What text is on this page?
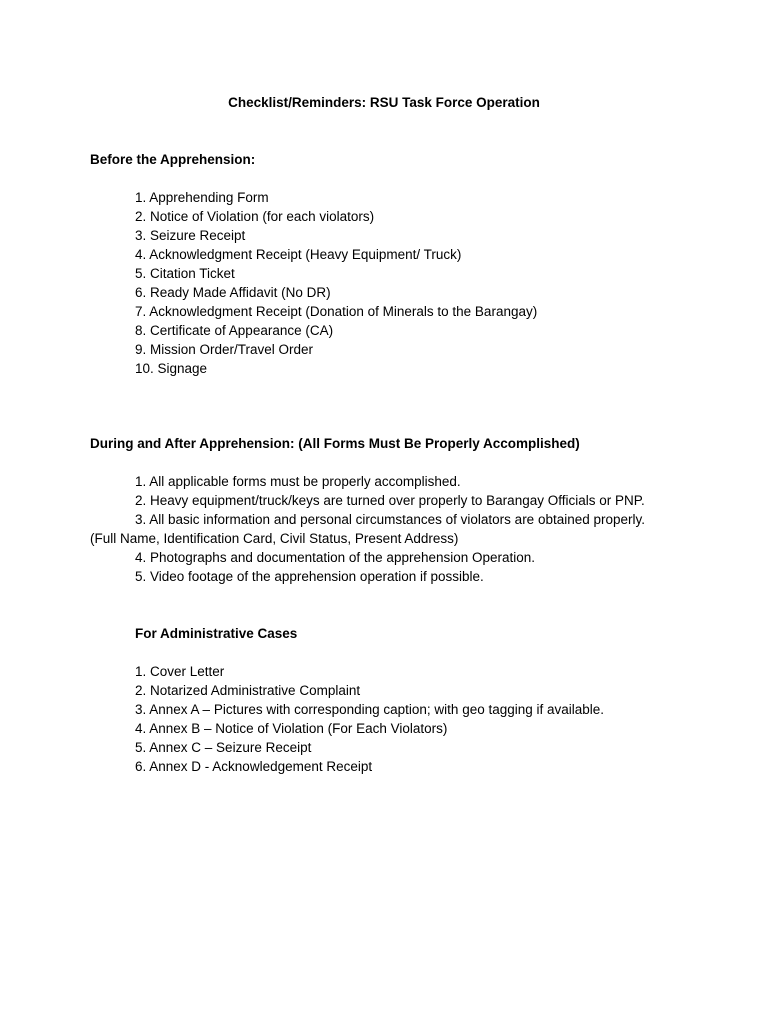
Checklist/Reminders: RSU Task Force Operation
Before the Apprehension:
1. Apprehending Form
2. Notice of Violation (for each violators)
3. Seizure Receipt
4. Acknowledgment Receipt (Heavy Equipment/ Truck)
5. Citation Ticket
6. Ready Made Affidavit (No DR)
7. Acknowledgment Receipt (Donation of Minerals to the Barangay)
8. Certificate of Appearance (CA)
9. Mission Order/Travel Order
10. Signage
During and After Apprehension: (All Forms Must Be Properly Accomplished)
1. All applicable forms must be properly accomplished.
2. Heavy equipment/truck/keys are turned over properly to Barangay Officials or PNP.
3. All basic information and personal circumstances of violators are obtained properly.
(Full Name, Identification Card, Civil Status, Present Address)
4. Photographs and documentation of the apprehension Operation.
5. Video footage of the apprehension operation if possible.
For Administrative Cases
1. Cover Letter
2. Notarized Administrative Complaint
3. Annex A – Pictures with corresponding caption; with geo tagging if available.
4. Annex B – Notice of Violation (For Each Violators)
5. Annex C – Seizure Receipt
6. Annex D - Acknowledgement Receipt
